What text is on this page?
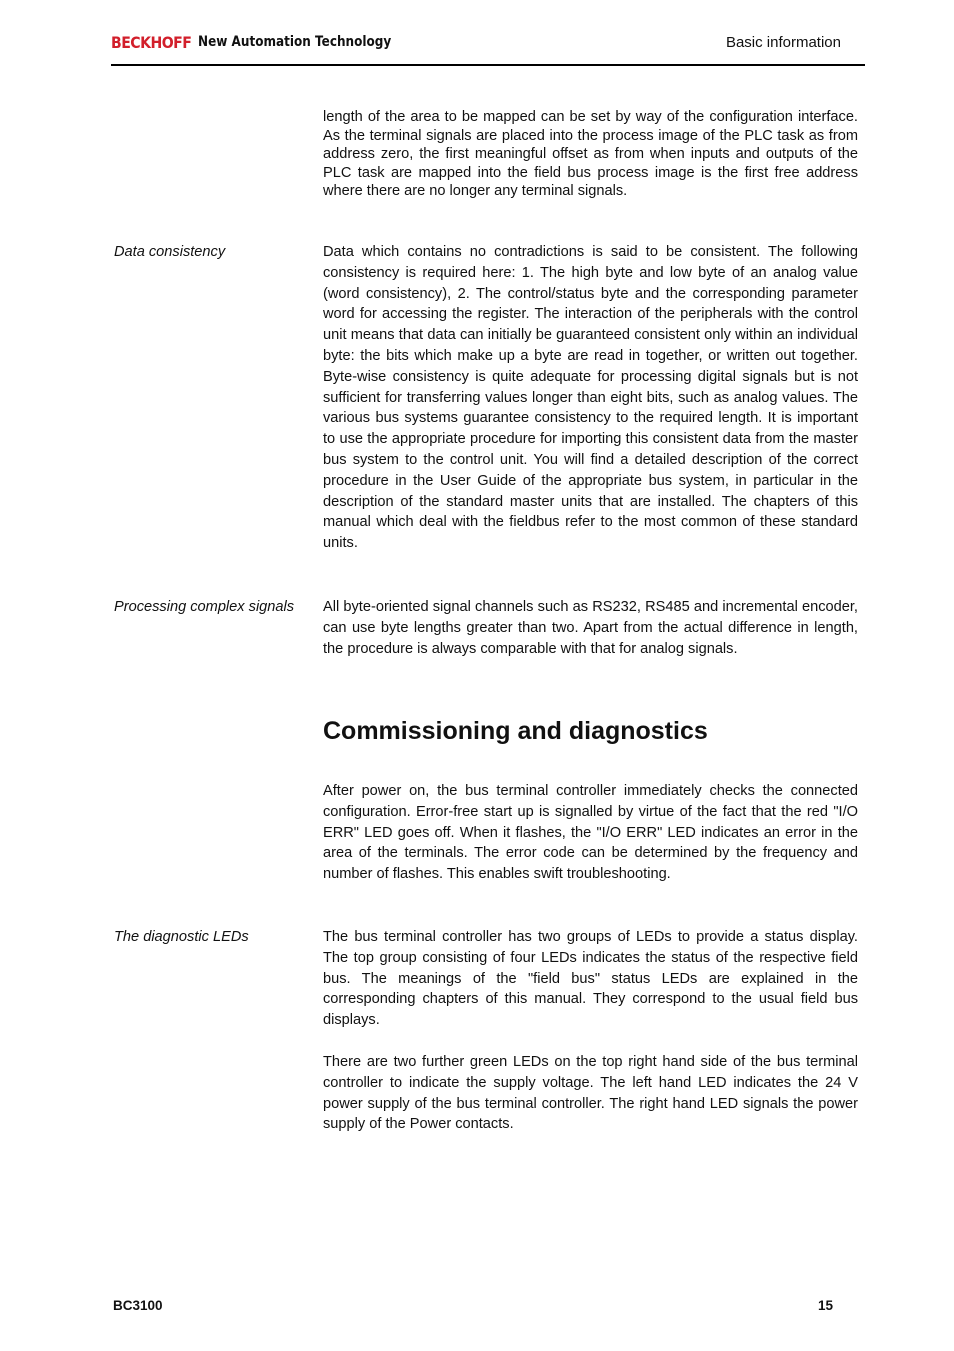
BECKHOFF New Automation Technology	Basic information

length of the area to be mapped can be set by way of the configuration interface. As the terminal signals are placed into the process image of the PLC task as from address zero, the first meaningful offset as from when inputs and outputs of the PLC task are mapped into the field bus process image is the first free address where there are no longer any terminal signals.

Data consistency	Data which contains no contradictions is said to be consistent. The following consistency is required here: 1. The high byte and low byte of an analog value (word consistency), 2. The control/status byte and the corresponding parameter word for accessing the register. The interaction of the peripherals with the control unit means that data can initially be guaranteed consistent only within an individual byte: the bits which make up a byte are read in together, or written out together. Byte-wise consistency is quite adequate for processing digital signals but is not sufficient for transferring values longer than eight bits, such as analog values. The various bus systems guarantee consistency to the required length. It is important to use the appropriate procedure for importing this consistent data from the master bus system to the control unit. You will find a detailed description of the correct procedure in the User Guide of the appropriate bus system, in particular in the description of the standard master units that are installed. The chapters of this manual which deal with the fieldbus refer to the most common of these standard units.

Processing complex signals All byte-oriented signal channels such as RS232, RS485 and incremental encoder, can use byte lengths greater than two. Apart from the actual difference in length, the procedure is always comparable with that for analog signals.

Commissioning and diagnostics

After power on, the bus terminal controller immediately checks the connected configuration. Error-free start up is signalled by virtue of the fact that the red "I/O ERR" LED goes off. When it flashes, the "I/O ERR" LED indicates an error in the area of the terminals. The error code can be determined by the frequency and number of flashes. This enables swift troubleshooting.

The diagnostic LEDs	The bus terminal controller has two groups of LEDs to provide a status display. The top group consisting of four LEDs indicates the status of the respective field bus. The meanings of the "field bus" status LEDs are explained in the corresponding chapters of this manual. They correspond to the usual field bus displays.

There are two further green LEDs on the top right hand side of the bus terminal controller to indicate the supply voltage. The left hand LED indicates the 24 V power supply of the bus terminal controller. The right hand LED signals the power supply of the Power contacts.

BC3100	15
